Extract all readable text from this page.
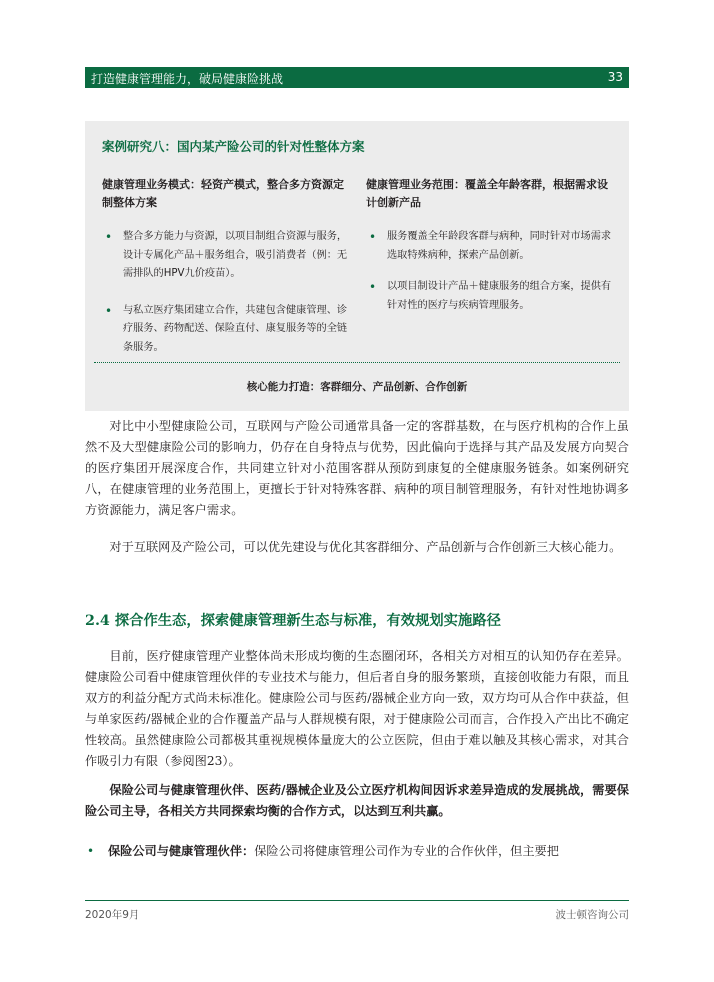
打造健康管理能力，破局健康险挑战	33
案例研究八：国内某产险公司的针对性整体方案
健康管理业务模式：轻资产模式，整合多方资源定制整体方案
• 整合多方能力与资源，以项目制组合资源与服务，设计专属化产品＋服务组合，吸引消费者（例：无需排队的HPV九价疫苗）。
• 与私立医疗集团建立合作，共建包含健康管理、诊疗服务、药物配送、保险直付、康复服务等的全链条服务。
健康管理业务范围：覆盖全年龄客群，根据需求设计创新产品
• 服务覆盖全年龄段客群与病种，同时针对市场需求选取特殊病种，探索产品创新。
• 以项目制设计产品＋健康服务的组合方案，提供有针对性的医疗与疾病管理服务。
核心能力打造：客群细分、产品创新、合作创新

对比中小型健康险公司，互联网与产险公司通常具备一定的客群基数，在与医疗机构的合作上虽然不及大型健康险公司的影响力，仍存在自身特点与优势，因此偏向于选择与其产品及发展方向契合的医疗集团开展深度合作，共同建立针对小范围客群从预防到康复的全健康服务链条。如案例研究八，在健康管理的业务范围上，更擅长于针对特殊客群、病种的项目制管理服务，有针对性地协调多方资源能力，满足客户需求。

对于互联网及产险公司，可以优先建设与优化其客群细分、产品创新与合作创新三大核心能力。

2.4 探合作生态，探索健康管理新生态与标准，有效规划实施路径

目前，医疗健康管理产业整体尚未形成均衡的生态圈闭环，各相关方对相互的认知仍存在差异。健康险公司看中健康管理伙伴的专业技术与能力，但后者自身的服务繁琐，直接创收能力有限，而且双方的利益分配方式尚未标准化。健康险公司与医药/器械企业方向一致，双方均可从合作中获益，但与单家医药/器械企业的合作覆盖产品与人群规模有限，对于健康险公司而言，合作投入产出比不确定性较高。虽然健康险公司都极其重视规模体量庞大的公立医院，但由于难以触及其核心需求，对其合作吸引力有限（参阅图23）。

保险公司与健康管理伙伴、医药/器械企业及公立医疗机构间因诉求差异造成的发展挑战，需要保险公司主导，各相关方共同探索均衡的合作方式，以达到互利共赢。

• 保险公司与健康管理伙伴：保险公司将健康管理公司作为专业的合作伙伴，但主要把
2020年9月	波士顿咨询公司
